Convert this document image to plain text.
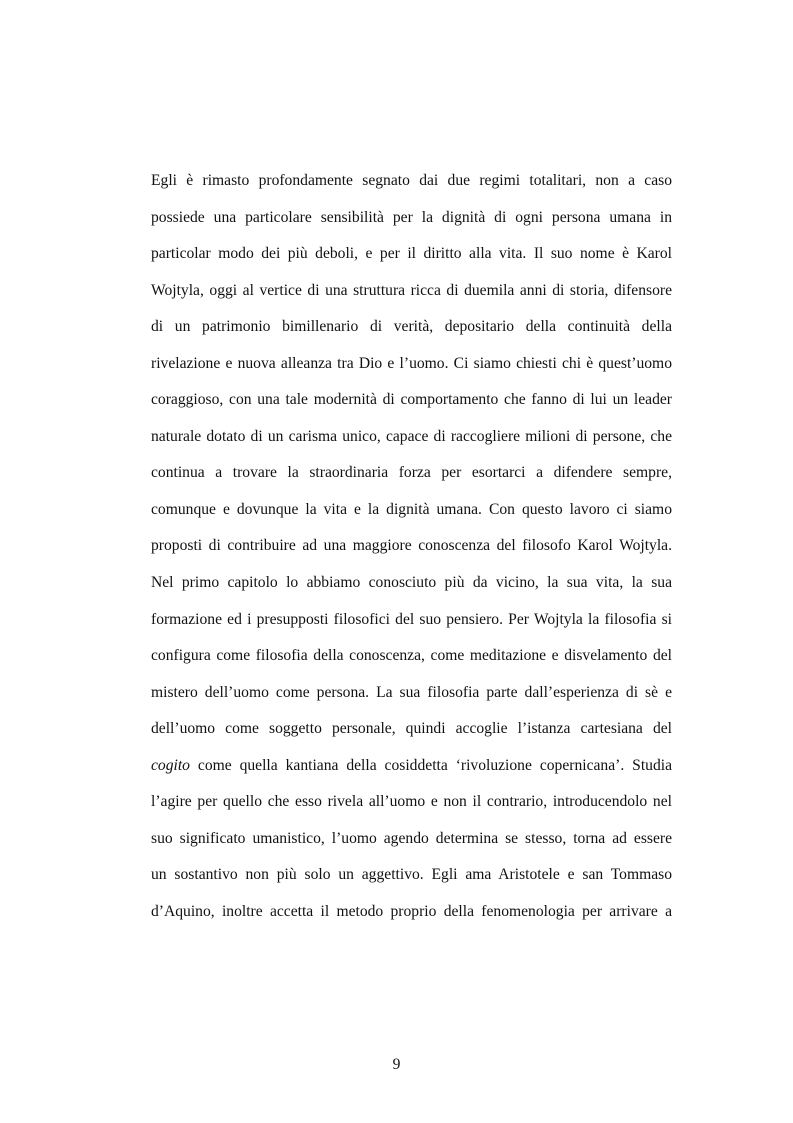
Egli è rimasto profondamente segnato dai due regimi totalitari, non a caso
possiede una particolare sensibilità per la dignità di ogni persona umana in
particolar modo dei più deboli, e per il diritto alla vita. Il suo nome è Karol
Wojtyla, oggi al vertice di una struttura ricca di duemila anni di storia, difensore
di un patrimonio bimillenario di verità, depositario della continuità della
rivelazione e nuova alleanza tra Dio e l’uomo. Ci siamo chiesti chi è quest’uomo
coraggioso, con una tale modernità di comportamento che fanno di lui un leader
naturale dotato di un carisma unico, capace di raccogliere milioni di persone, che
continua a trovare la straordinaria forza per esortarci a difendere sempre,
comunque e dovunque la vita e la dignità umana. Con questo lavoro ci siamo
proposti di contribuire ad una maggiore conoscenza del filosofo Karol Wojtyla.
Nel primo capitolo lo abbiamo conosciuto più da vicino, la sua vita, la sua
formazione ed i presupposti filosofici del suo pensiero. Per Wojtyla la filosofia si
configura come filosofia della conoscenza, come meditazione e disvelamento del
mistero dell’uomo come persona. La sua filosofia parte dall’esperienza di sè e
dell’uomo come soggetto personale, quindi accoglie l’istanza cartesiana del
cogito come quella kantiana della cosiddetta ‘rivoluzione copernicana’. Studia
l’agire per quello che esso rivela all’uomo e non il contrario, introducendolo nel
suo significato umanistico, l’uomo agendo determina se stesso, torna ad essere
un sostantivo non più solo un aggettivo. Egli ama Aristotele e san Tommaso
d’Aquino, inoltre accetta il metodo proprio della fenomenologia per arrivare a
9
